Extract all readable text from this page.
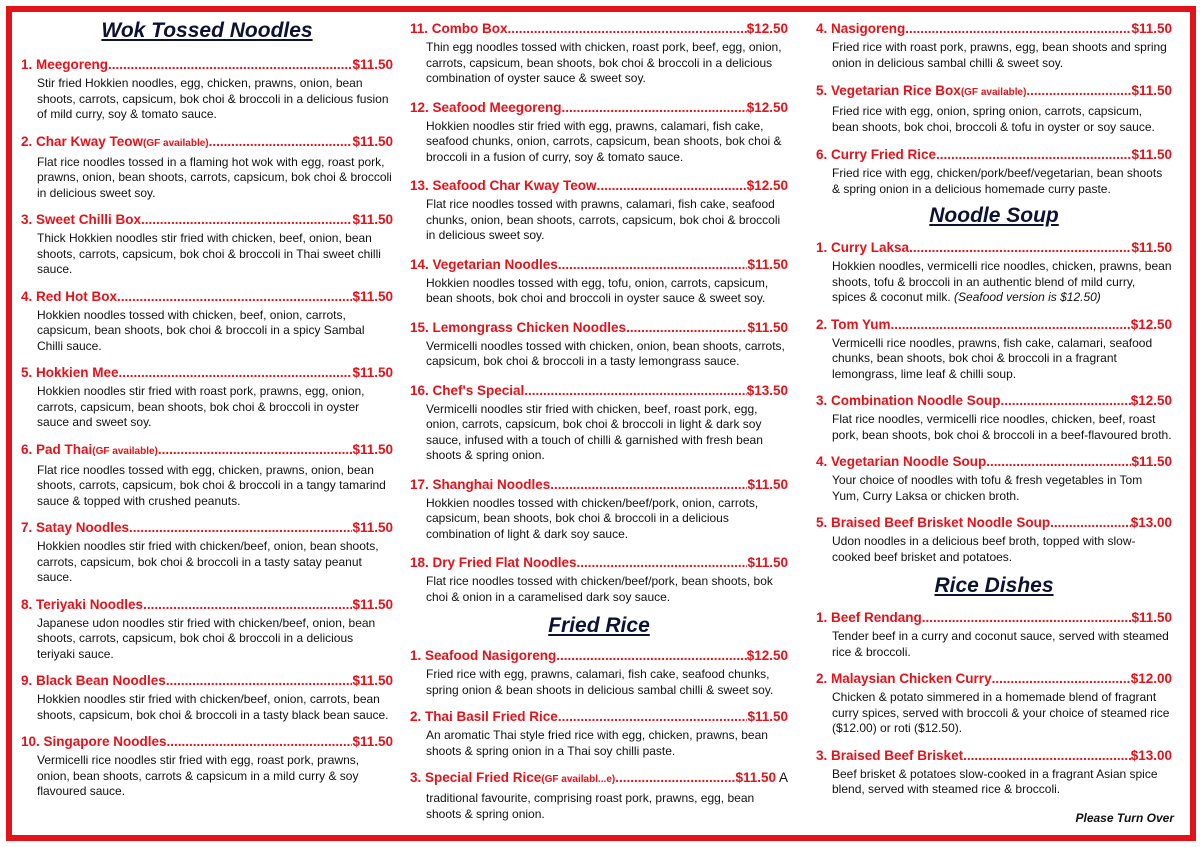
Wok Tossed Noodles
1. Meegoreng .....	$11.50
Stir fried Hokkien noodles, egg, chicken, prawns, onion, bean shoots, carrots, capsicum, bok choi & broccoli in a delicious fusion of mild curry, soy & tomato sauce.
2. Char Kway Teow (GF available) .....	$11.50
Flat rice noodles tossed in a flaming hot wok with egg, roast pork, prawns, onion, bean shoots, carrots, capsicum, bok choi & broccoli in delicious sweet soy.
3. Sweet Chilli Box .....	$11.50
Thick Hokkien noodles stir fried with chicken, beef, onion, bean shoots, carrots, capsicum, bok choi & broccoli in Thai sweet chilli sauce.
4. Red Hot Box .....	$11.50
Hokkien noodles tossed with chicken, beef, onion, carrots, capsicum, bean shoots, bok choi & broccoli in a spicy Sambal Chilli sauce.
5. Hokkien Mee .....	$11.50
Hokkien noodles stir fried with roast pork, prawns, egg, onion, carrots, capsicum, bean shoots, bok choi & broccoli in oyster sauce and sweet soy.
6. Pad Thai (GF available) .....	$11.50
Flat rice noodles tossed with egg, chicken, prawns, onion, bean shoots, carrots, capsicum, bok choi & broccoli in a tangy tamarind sauce & topped with crushed peanuts.
7. Satay Noodles .....	$11.50
Hokkien noodles stir fried with chicken/beef, onion, bean shoots, carrots, capsicum, bok choi & broccoli in a tasty satay peanut sauce.
8. Teriyaki Noodles .....	$11.50
Japanese udon noodles stir fried with chicken/beef, onion, bean shoots, carrots, capsicum, bok choi & broccoli in a delicious teriyaki sauce.
9. Black Bean Noodles .....	$11.50
Hokkien noodles stir fried with chicken/beef, onion, carrots, bean shoots, capsicum, bok choi & broccoli in a tasty black bean sauce.
10. Singapore Noodles .....	$11.50
Vermicelli rice noodles stir fried with egg, roast pork, prawns, onion, bean shoots, carrots & capsicum in a mild curry & soy flavoured sauce.
11. Combo Box .....	$12.50
Thin egg noodles tossed with chicken, roast pork, beef, egg, onion, carrots, capsicum, bean shoots, bok choi & broccoli in a delicious combination of oyster sauce & sweet soy.
12. Seafood Meegoreng .....	$12.50
Hokkien noodles stir fried with egg, prawns, calamari, fish cake, seafood chunks, onion, carrots, capsicum, bean shoots, bok choi & broccoli in a fusion of curry, soy & tomato sauce.
13. Seafood Char Kway Teow .....	$12.50
Flat rice noodles tossed with prawns, calamari, fish cake, seafood chunks, onion, bean shoots, carrots, capsicum, bok choi & broccoli in delicious sweet soy.
14. Vegetarian Noodles .....	$11.50
Hokkien noodles tossed with egg, tofu, onion, carrots, capsicum, bean shoots, bok choi and broccoli in oyster sauce & sweet soy.
15. Lemongrass Chicken Noodles .....	$11.50
Vermicelli noodles tossed with chicken, onion, bean shoots, carrots, capsicum, bok choi & broccoli in a tasty lemongrass sauce.
16. Chef's Special .....	$13.50
Vermicelli noodles stir fried with chicken, beef, roast pork, egg, onion, carrots, capsicum, bok choi & broccoli in light & dark soy sauce, infused with a touch of chilli & garnished with fresh bean shoots & spring onion.
17. Shanghai Noodles .....	$11.50
Hokkien noodles tossed with chicken/beef/pork, onion, carrots, capsicum, bean shoots, bok choi & broccoli in a delicious combination of light & dark soy sauce.
18. Dry Fried Flat Noodles .....	$11.50
Flat rice noodles tossed with chicken/beef/pork, bean shoots, bok choi & onion in a caramelised dark soy sauce.
Fried Rice
1. Seafood Nasigoreng .....	$12.50
Fried rice with egg, prawns, calamari, fish cake, seafood chunks, spring onion & bean shoots in delicious sambal chilli & sweet soy.
2. Thai Basil Fried Rice .....	$11.50
An aromatic Thai style fried rice with egg, chicken, prawns, bean shoots & spring onion in a Thai soy chilli paste.
3. Special Fried Rice (GF availabl...e) .....	$11.50 A
traditional favourite, comprising roast pork, prawns, egg, bean shoots & spring onion.
4. Nasigoreng .....	$11.50
Fried rice with roast pork, prawns, egg, bean shoots and spring onion in delicious sambal chilli & sweet soy.
5. Vegetarian Rice Box (GF available) .....	$11.50
Fried rice with egg, onion, spring onion, carrots, capsicum, bean shoots, bok choi, broccoli & tofu in oyster or soy sauce.
6. Curry Fried Rice .....	$11.50
Fried rice with egg, chicken/pork/beef/vegetarian, bean shoots & spring onion in a delicious homemade curry paste.
Noodle Soup
1. Curry Laksa .....	$11.50
Hokkien noodles, vermicelli rice noodles, chicken, prawns, bean shoots, tofu & broccoli in an authentic blend of mild curry, spices & coconut milk. (Seafood version is $12.50)
2. Tom Yum .....	$12.50
Vermicelli rice noodles, prawns, fish cake, calamari, seafood chunks, bean shoots, bok choi & broccoli in a fragrant lemongrass, lime leaf & chilli soup.
3. Combination Noodle Soup .....	$12.50
Flat rice noodles, vermicelli rice noodles, chicken, beef, roast pork, bean shoots, bok choi & broccoli in a beef-flavoured broth.
4. Vegetarian Noodle Soup .....	$11.50
Your choice of noodles with tofu & fresh vegetables in Tom Yum, Curry Laksa or chicken broth.
5. Braised Beef Brisket Noodle Soup .....	$13.00
Udon noodles in a delicious beef broth, topped with slow-cooked beef brisket and potatoes.
Rice Dishes
1. Beef Rendang .....	$11.50
Tender beef in a curry and coconut sauce, served with steamed rice & broccoli.
2. Malaysian Chicken Curry .....	$12.00
Chicken & potato simmered in a homemade blend of fragrant curry spices, served with broccoli & your choice of steamed rice ($12.00) or roti ($12.50).
3. Braised Beef Brisket .....	$13.00
Beef brisket & potatoes slow-cooked in a fragrant Asian spice blend, served with steamed rice & broccoli.
Please Turn Over
